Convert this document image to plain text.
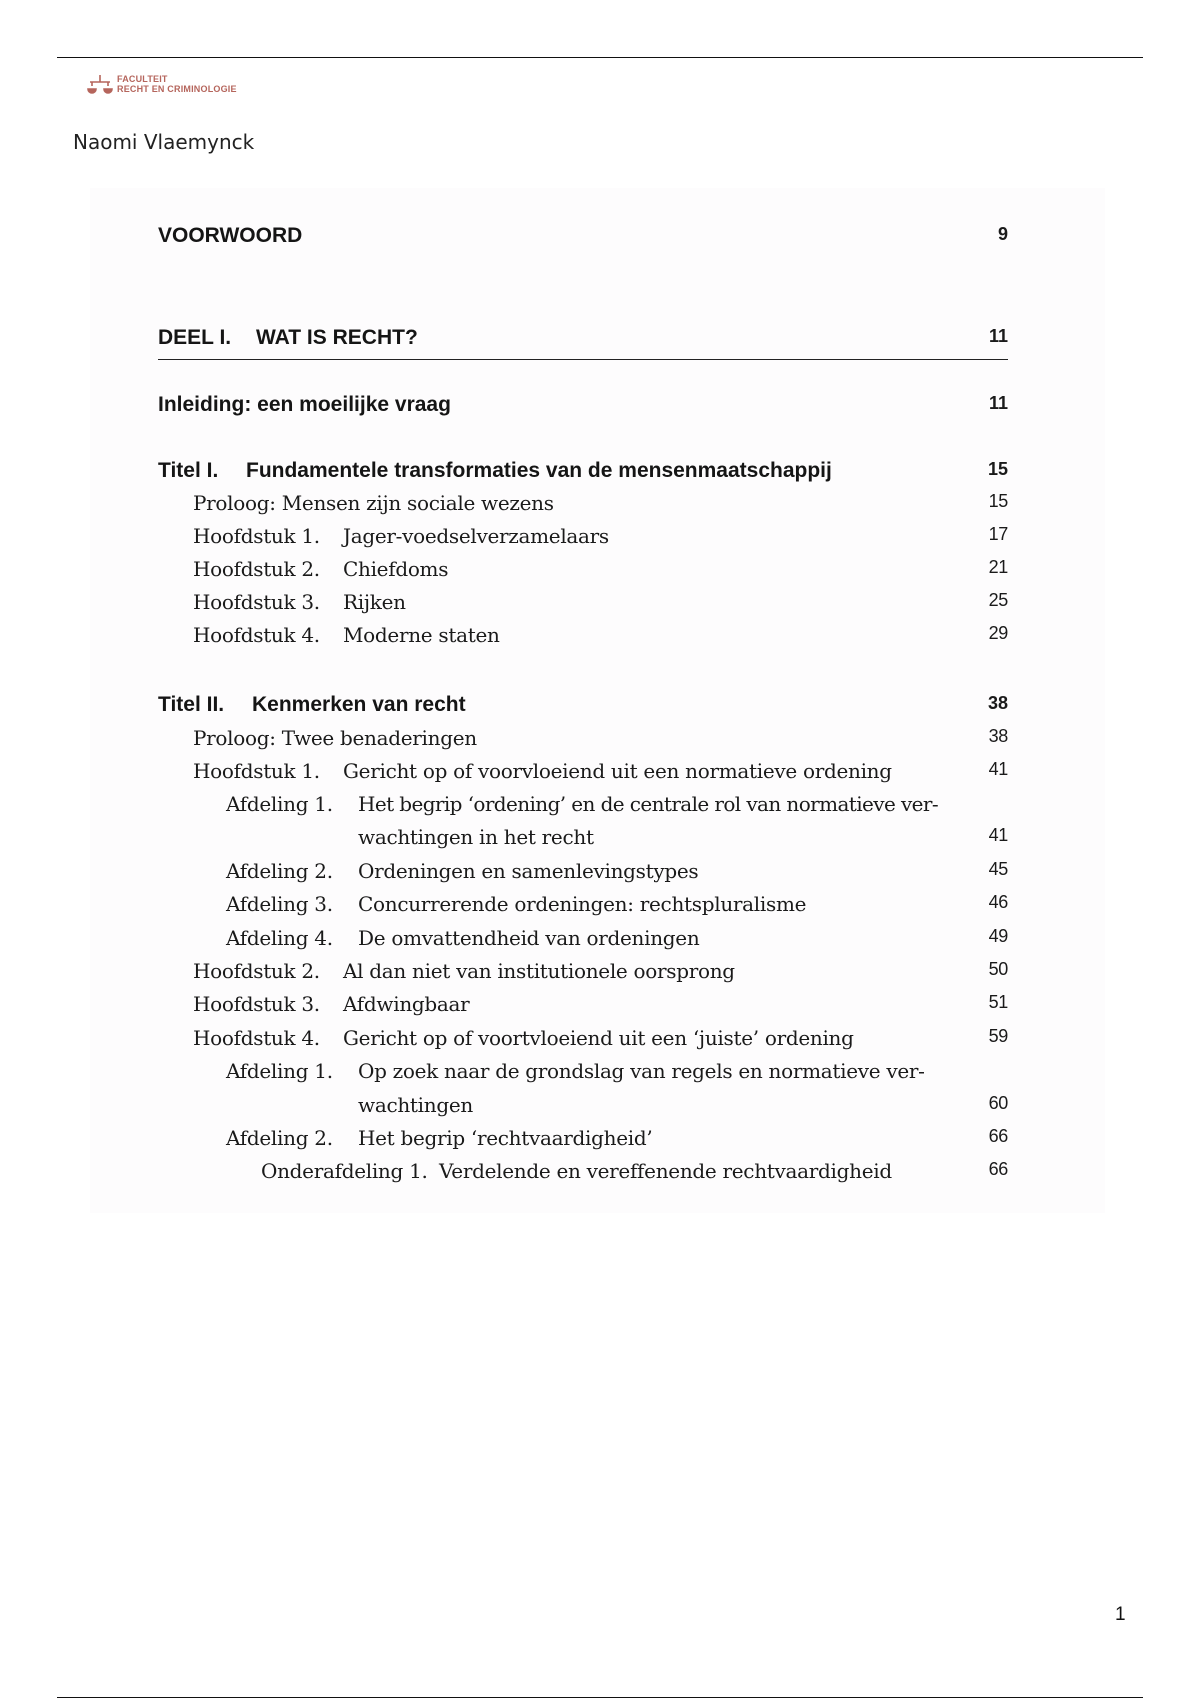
FACULTEIT
RECHT EN CRIMINOLOGIE
Naomi Vlaemynck
VOORWOORD	9
DEEL I. WAT IS RECHT?	11
Inleiding: een moeilijke vraag	11
Titel I. Fundamentele transformaties van de mensenmaatschappij	15
Proloog: Mensen zijn sociale wezens	15
Hoofdstuk 1. Jager-voedselverzamelaars	17
Hoofdstuk 2. Chiefdoms	21
Hoofdstuk 3. Rijken	25
Hoofdstuk 4. Moderne staten	29
Titel II. Kenmerken van recht	38
Proloog: Twee benaderingen	38
Hoofdstuk 1. Gericht op of voorvloeiend uit een normatieve ordening	41
Afdeling 1. Het begrip ‘ordening’ en de centrale rol van normatieve ver-
wachtingen in het recht	41
Afdeling 2. Ordeningen en samenlevingstypes	45
Afdeling 3. Concurrerende ordeningen: rechtspluralisme	46
Afdeling 4. De omvattendheid van ordeningen	49
Hoofdstuk 2. Al dan niet van institutionele oorsprong	50
Hoofdstuk 3. Afdwingbaar	51
Hoofdstuk 4. Gericht op of voortvloeiend uit een ‘juiste’ ordening	59
Afdeling 1. Op zoek naar de grondslag van regels en normatieve ver-
wachtingen	60
Afdeling 2. Het begrip ‘rechtvaardigheid’	66
Onderafdeling 1. Verdelende en vereffenende rechtvaardigheid	66
1
